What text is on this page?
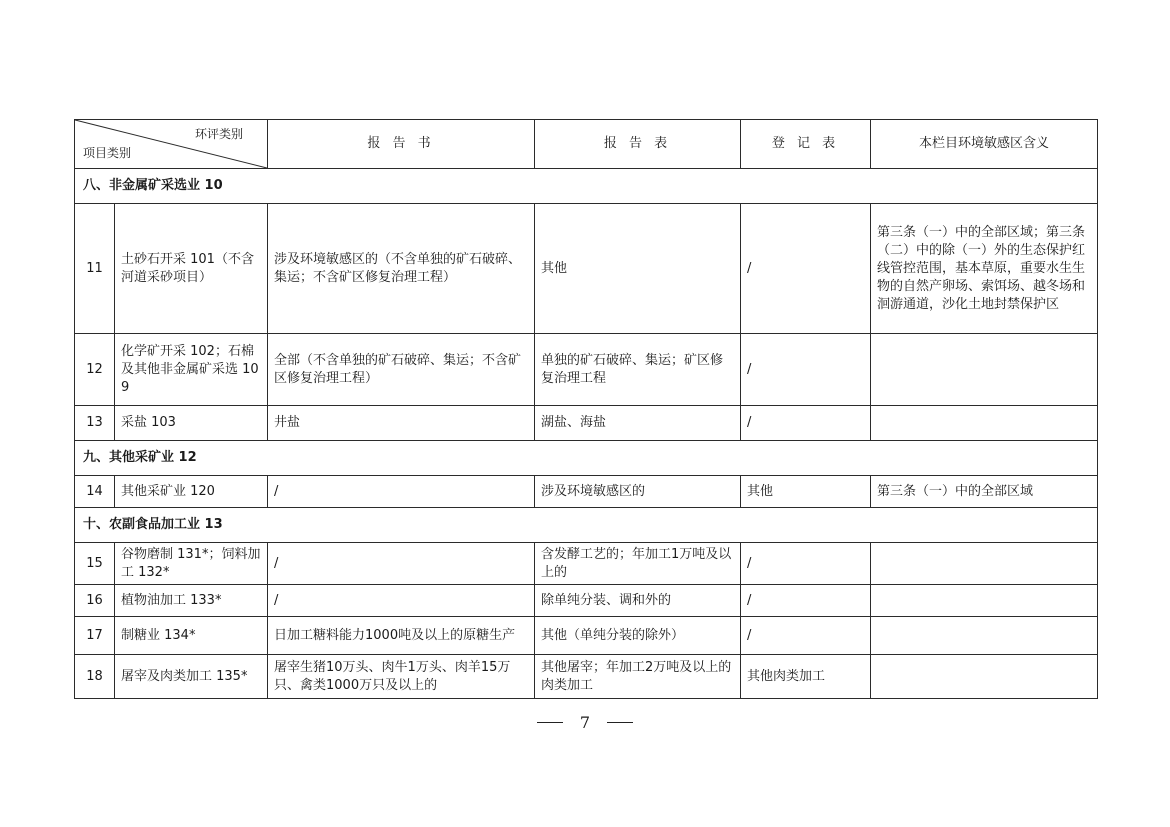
环评类别
项目类别		报 告 书	报 告 表	登 记 表	本栏目环境敏感区含义
八、非金属矿采选业 10					
11	土砂石开采 101（不含河道采砂项目）	涉及环境敏感区的（不含单独的矿石破碎、集运；不含矿区修复治理工程）	其他	/	第三条（一）中的全部区域；第三条（二）中的除（一）外的生态保护红线管控范围，基本草原，重要水生生物的自然产卵场、索饵场、越冬场和洄游通道，沙化土地封禁保护区
12	化学矿开采 102；石棉及其他非金属矿采选 109	全部（不含单独的矿石破碎、集运；不含矿区修复治理工程）	单独的矿石破碎、集运；矿区修复治理工程	/	
13	采盐 103	井盐	湖盐、海盐	/	
九、其他采矿业 12					
14	其他采矿业 120	/	涉及环境敏感区的	其他	第三条（一）中的全部区域
十、农副食品加工业 13					
15	谷物磨制 131*；饲料加工 132*	/	含发酵工艺的；年加工1万吨及以上的	/	
16	植物油加工 133*	/	除单纯分装、调和外的	/	
17	制糖业 134*	日加工糖料能力1000吨及以上的原糖生产	其他（单纯分装的除外）	/	
18	屠宰及肉类加工 135*	屠宰生猪10万头、肉牛1万头、肉羊15万只、禽类1000万只及以上的	其他屠宰；年加工2万吨及以上的肉类加工	其他肉类加工	
7
